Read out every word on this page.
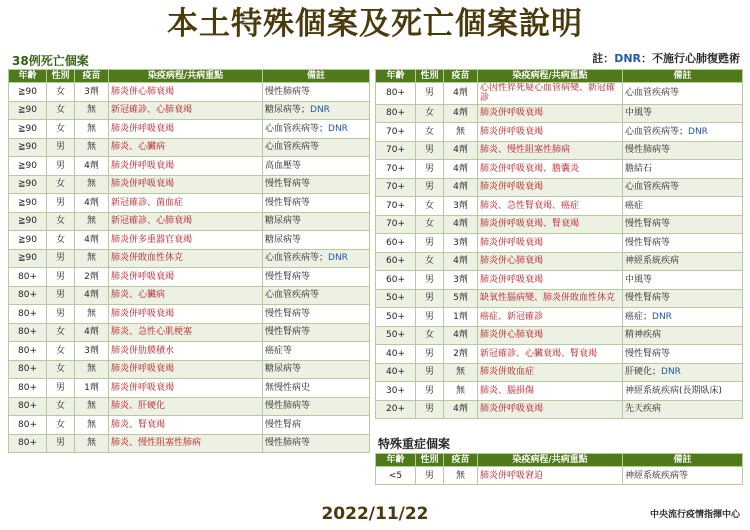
本土特殊個案及死亡個案說明
38例死亡個案	註：DNR：不施行心肺復甦術
年齡	性別	疫苗	染疫病程/共病重點	備註
≧90	女	3劑	肺炎併心肺衰竭	慢性肺病等
≧90	女	無	新冠確診、心肺衰竭	糖尿病等；DNR
≧90	女	無	肺炎併呼吸衰竭	心血管疾病等；DNR
≧90	男	無	肺炎、心臟病	心血管疾病等
≧90	男	4劑	肺炎併呼吸衰竭	高血壓等
≧90	女	無	肺炎併呼吸衰竭	慢性腎病等
≧90	男	4劑	新冠確診、菌血症	慢性腎病等
≧90	女	無	新冠確診、心肺衰竭	糖尿病等
≧90	女	4劑	肺炎併多重器官衰竭	糖尿病等
≧90	男	無	肺炎併敗血性休克	心血管疾病等；DNR
80+	男	2劑	肺炎併呼吸衰竭	慢性腎病等
80+	男	4劑	肺炎、心臟病	心血管疾病等
80+	男	無	肺炎併呼吸衰竭	慢性腎病等
80+	女	4劑	肺炎、急性心肌梗塞	慢性腎病等
80+	女	3劑	肺炎併肋膜積水	癌症等
80+	女	無	肺炎併呼吸衰竭	糖尿病等
80+	男	1劑	肺炎併呼吸衰竭	無慢性病史
80+	女	無	肺炎、肝硬化	慢性肺病等
80+	女	無	肺炎、腎衰竭	慢性腎病
80+	男	無	肺炎、慢性阻塞性肺病	慢性肺病等
年齡	性別	疫苗	染疫病程/共病重點	備註
80+	男	4劑	心因性猝死疑心血管病變、新冠確診	心血管疾病等
80+	女	4劑	肺炎併呼吸衰竭	中風等
70+	女	無	肺炎併呼吸衰竭	心血管疾病等；DNR
70+	男	4劑	肺炎、慢性阻塞性肺病	慢性肺病等
70+	男	4劑	肺炎併呼吸衰竭、膽囊炎	膽結石
70+	男	4劑	肺炎併呼吸衰竭	心血管疾病等
70+	女	3劑	肺炎、急性腎衰竭、癌症	癌症
70+	女	4劑	肺炎併呼吸衰竭、腎衰竭	慢性腎病等
60+	男	3劑	肺炎併呼吸衰竭	慢性腎病等
60+	女	4劑	肺炎併心肺衰竭	神經系統疾病
60+	男	3劑	肺炎併呼吸衰竭	中風等
50+	男	5劑	缺氧性腦病變、肺炎併敗血性休克	慢性腎病等
50+	男	1劑	癌症、新冠確診	癌症；DNR
50+	女	4劑	肺炎併心肺衰竭	精神疾病
40+	男	2劑	新冠確診、心臟衰竭、腎衰竭	慢性腎病等
40+	男	無	肺炎併敗血症	肝硬化；DNR
30+	男	無	肺炎、腦損傷	神經系統疾病(長期臥床)
20+	男	4劑	肺炎併呼吸衰竭	先天疾病
特殊重症個案
年齡	性別	疫苗	染疫病程/共病重點	備註
<5	男	無	肺炎併呼吸窘迫	神經系統疾病等
2022/11/22	中央流行疫情指揮中心
